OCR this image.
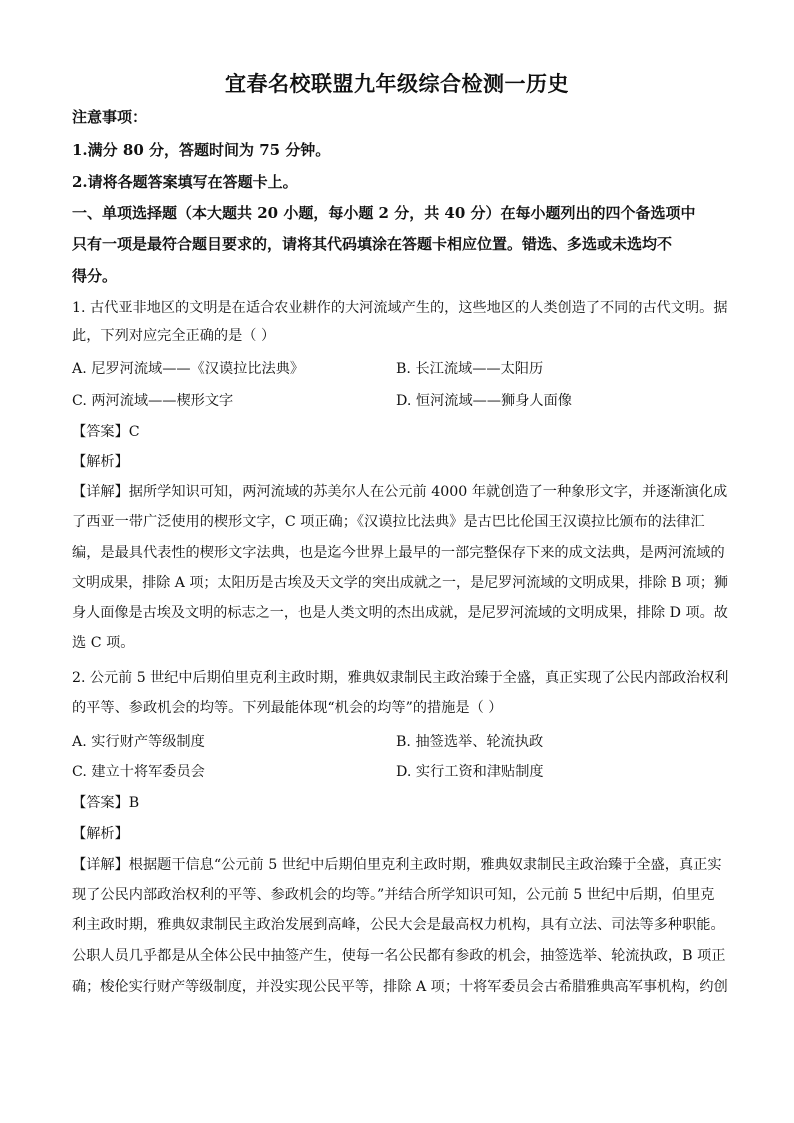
宜春名校联盟九年级综合检测一历史
注意事项：
1.满分 80 分，答题时间为 75 分钟。
2.请将各题答案填写在答题卡上。
一、单项选择题（本大题共 20 小题，每小题 2 分，共 40 分）在每小题列出的四个备选项中
只有一项是最符合题目要求的，请将其代码填涂在答题卡相应位置。错选、多选或未选均不
得分。
1. 古代亚非地区的文明是在适合农业耕作的大河流域产生的，这些地区的人类创造了不同的古代文明。据
此，下列对应完全正确的是（ ）
A. 尼罗河流域——《汉谟拉比法典》	B. 长江流域——太阳历
C. 两河流域——楔形文字	D. 恒河流域——狮身人面像
【答案】C
【解析】
【详解】据所学知识可知，两河流域的苏美尔人在公元前 4000 年就创造了一种象形文字，并逐渐演化成
了西亚一带广泛使用的楔形文字，C 项正确；《汉谟拉比法典》是古巴比伦国王汉谟拉比颁布的法律汇
编，是最具代表性的楔形文字法典，也是迄今世界上最早的一部完整保存下来的成文法典，是两河流域的
文明成果，排除 A 项；太阳历是古埃及天文学的突出成就之一，是尼罗河流域的文明成果，排除 B 项；狮
身人面像是古埃及文明的标志之一，也是人类文明的杰出成就，是尼罗河流域的文明成果，排除 D 项。故
选 C 项。
2. 公元前 5 世纪中后期伯里克利主政时期，雅典奴隶制民主政治臻于全盛，真正实现了公民内部政治权利
的平等、参政机会的均等。下列最能体现“机会的均等”的措施是（ ）
A. 实行财产等级制度	B. 抽签选举、轮流执政
C. 建立十将军委员会	D. 实行工资和津贴制度
【答案】B
【解析】
【详解】根据题干信息“公元前 5 世纪中后期伯里克利主政时期，雅典奴隶制民主政治臻于全盛，真正实
现了公民内部政治权利的平等、参政机会的均等。”并结合所学知识可知，公元前 5 世纪中后期，伯里克
利主政时期，雅典奴隶制民主政治发展到高峰，公民大会是最高权力机构，具有立法、司法等多种职能。
公职人员几乎都是从全体公民中抽签产生，使每一名公民都有参政的机会，抽签选举、轮流执政，B 项正
确；梭伦实行财产等级制度，并没实现公民平等，排除 A 项；十将军委员会古希腊雅典高军事机构，约创
